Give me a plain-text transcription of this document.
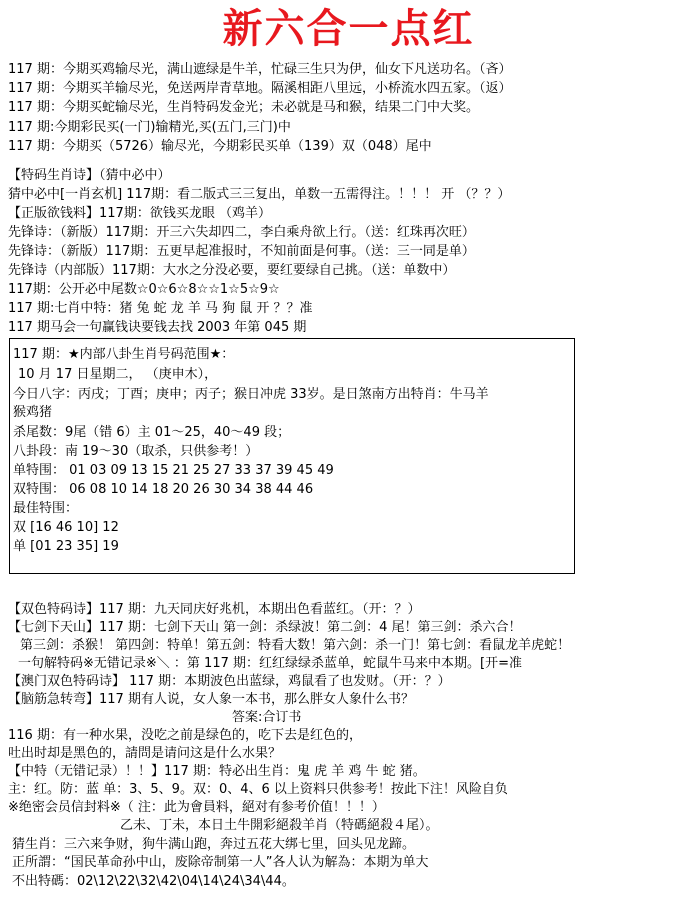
新六合一点红
117 期：今期买鸡输尽光，满山遮绿是牛羊，忙碌三生只为伊，仙女下凡送功名。（吝）
117 期：今期买羊输尽光，免送两岸青草地。隔溪相距八里远，小桥流水四五家。（返）
117 期：今期买蛇输尽光，生肖特码发金光；未必就是马和猴，结果二门中大奖。
117 期:今期彩民买(一门)输精光,买(五门,三门)中
117 期：今期买（5726）输尽光，今期彩民买单（139）双（048）尾中
【特码生肖诗】（猜中必中）
猜中必中[一肖玄机] 117期：看二版式三三复出，单数一五需得注。！！！ 开 （？？）
【正版欲钱料】117期：欲钱买龙眼 （鸡羊）
先锋诗：（新版）117期：开三六失却四二，李白乘舟欲上行。（送：红珠再次旺）
先锋诗：（新版）117期：五更早起准报时，不知前面是何事。（送：三一同是单）
先锋诗（内部版）117期：大水之分没必要，要红要绿自己挑。（送：单数中）
117期：公开必中尾数☆0☆6☆8☆☆1☆5☆9☆
117 期:七肖中特：猪 兔 蛇 龙 羊 马 狗 鼠 开 ？？准
117 期马会一句赢钱诀要钱去找 2003 年第 045 期
117 期：★内部八卦生肖号码范围★：
10 月 17 日星期二， （庚申木），
今日八字：丙戌；丁酉；庚申；丙子；猴日冲虎 33岁。是日煞南方出特肖：牛马羊
猴鸡猪
杀尾数：9尾（错 6）主 01～25，40～49 段；
八卦段：南 19～30（取杀，只供参考！）
单特围： 01 03 09 13 15 21 25 27 33 37 39 45 49
双特围： 06 08 10 14 18 20 26 30 34 38 44 46
最佳特围：
双 [16 46 10] 12
单 [01 23 35] 19
【双色特码诗】117 期：九天同庆好兆机，本期出色看蓝红。（开：？）
【七剑下天山】117 期：七剑下天山 第一剑：杀绿波！第二剑：4 尾！第三剑：杀六合！
第三剑：杀猴！ 第四剑：特单！第五剑：特看大数！第六剑：杀一门！第七剑：看鼠龙羊虎蛇！
一句解特码※无错记录※＼ ：第 117 期：红红绿绿杀蓝单，蛇鼠牛马来中本期。[开=准
【澳门双色特码诗】 117 期：本期波色出蓝绿，鸡鼠看了也发财。（开：？）
【脑筋急转弯】117 期有人说，女人象一本书，那么胖女人象什么书？
答案:合订书
116 期：有一种水果，没吃之前是绿色的，吃下去是红色的，
吐出时却是黑色的，請問是请问这是什么水果？
【中特（无错记录）！！】117 期：特必出生肖：鬼 虎 羊 鸡 牛 蛇 猪。
主：红。防：蓝 单：3、5、9。双：0、4、6 以上资料只供参考！按此下注！风险自负
※绝密会员信封料※（ 注：此为會員料，絕对有参考价值！！！）
乙未、丁未，本日土牛開彩絕殺羊肖（特碼絕殺４尾）。
猜生肖：三六来争财，狗牛满山跑，奔过五花大绑七里，回头见龙蹄。
正所謂：“国民革命孙中山，废除帝制第一人”各人认为解為：本期为单大
不出特碼：02\12\22\32\42\04\14\24\34\44。
